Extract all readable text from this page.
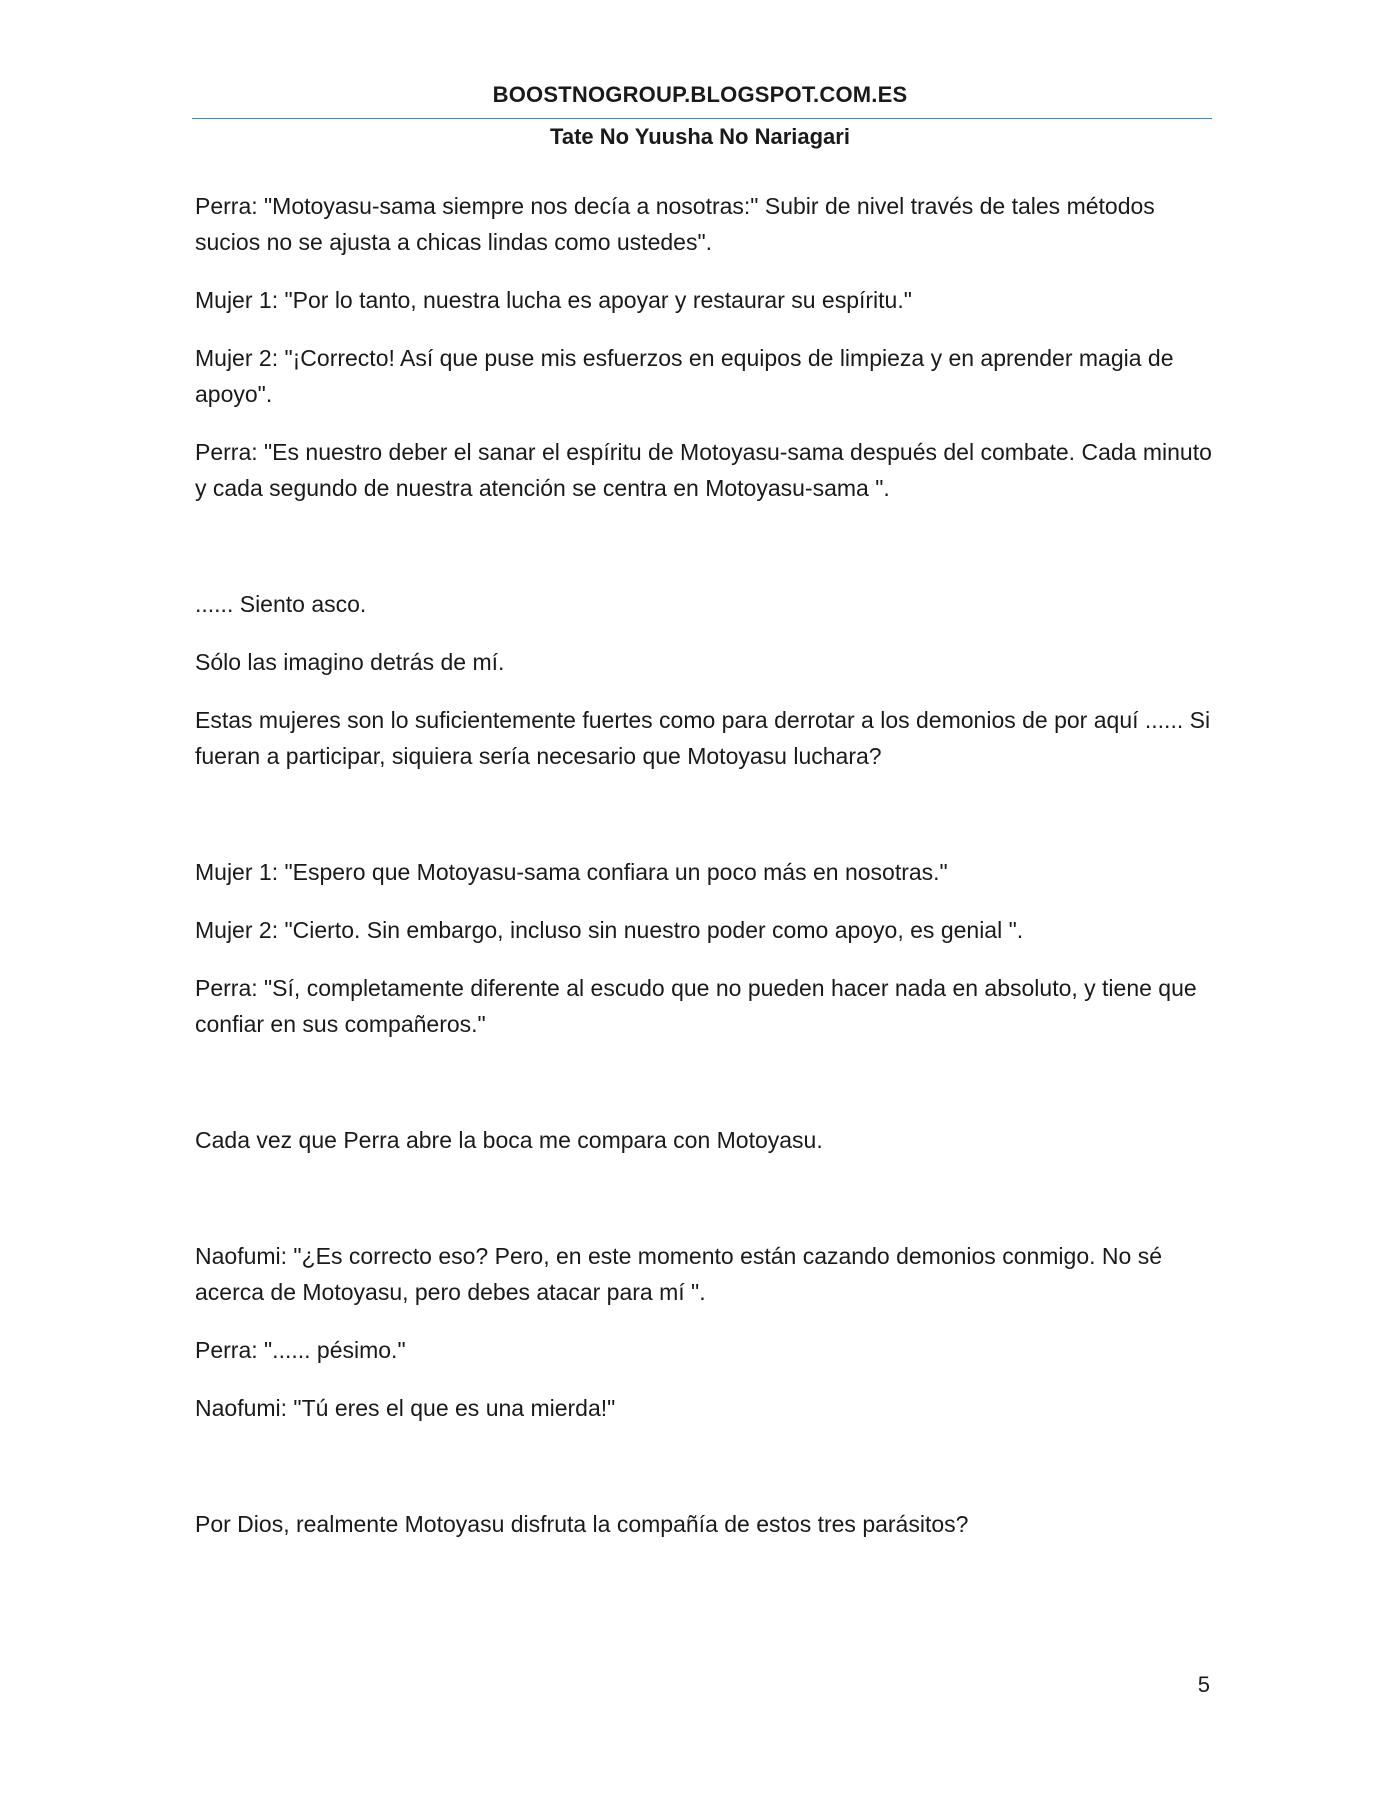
BOOSTNOGROUP.BLOGSPOT.COM.ES
Tate No Yuusha No Nariagari

Perra: "Motoyasu-sama siempre nos decía a nosotras:" Subir de nivel través de tales métodos sucios no se ajusta a chicas lindas como ustedes".

Mujer 1: "Por lo tanto, nuestra lucha es apoyar y restaurar su espíritu."

Mujer 2: "¡Correcto! Así que puse mis esfuerzos en equipos de limpieza y en aprender magia de apoyo".

Perra: "Es nuestro deber el sanar el espíritu de Motoyasu-sama después del combate. Cada minuto y cada segundo de nuestra atención se centra en Motoyasu-sama ".

...... Siento asco.

Sólo las imagino detrás de mí.

Estas mujeres son lo suficientemente fuertes como para derrotar a los demonios de por aquí ...... Si fueran a participar, siquiera sería necesario que Motoyasu luchara?

Mujer 1: "Espero que Motoyasu-sama confiara un poco más en nosotras."

Mujer 2: "Cierto. Sin embargo, incluso sin nuestro poder como apoyo, es genial ".

Perra: "Sí, completamente diferente al escudo que no pueden hacer nada en absoluto, y tiene que confiar en sus compañeros."

Cada vez que Perra abre la boca me compara con Motoyasu.

Naofumi: "¿Es correcto eso? Pero, en este momento están cazando demonios conmigo. No sé acerca de Motoyasu, pero debes atacar para mí ".

Perra: "...... pésimo."

Naofumi: "Tú eres el que es una mierda!"

Por Dios, realmente Motoyasu disfruta la compañía de estos tres parásitos?

5
